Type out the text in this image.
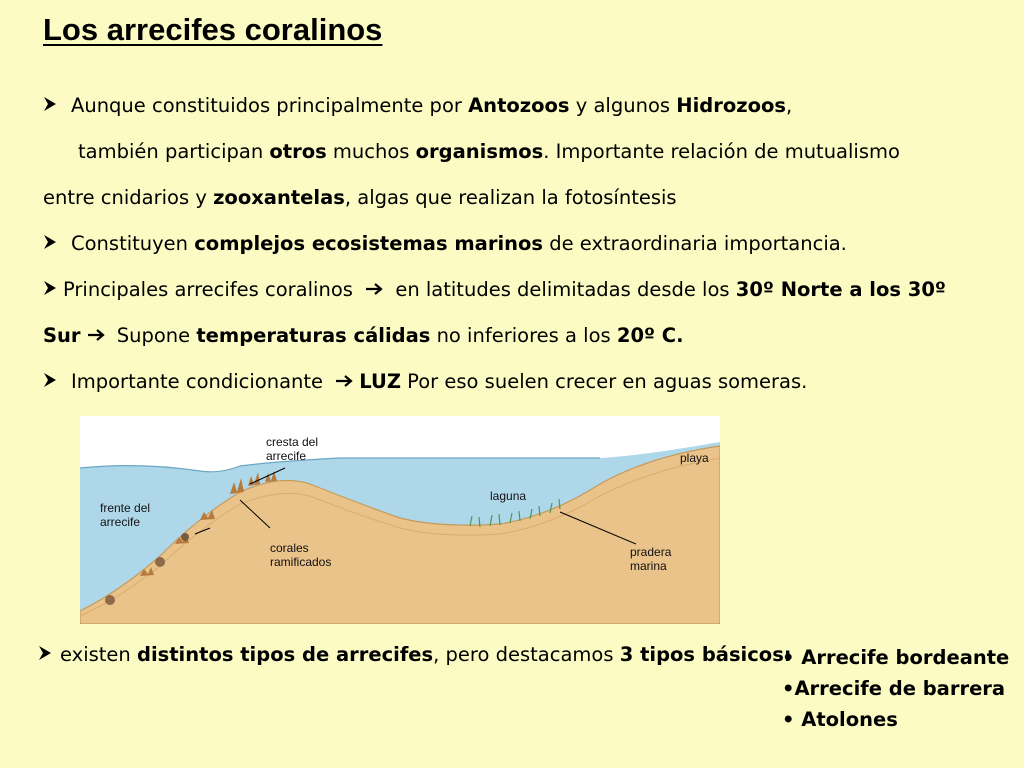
Los arrecifes coralinos
Aunque constituidos principalmente por Antozoos y algunos Hidrozoos,
también participan otros muchos organismos. Importante relación de mutualismo
entre cnidarios y zooxantelas, algas que realizan la fotosíntesis
Constituyen complejos ecosistemas marinos de extraordinaria importancia.
Principales arrecifes coralinos  en latitudes delimitadas desde los 30º Norte a los 30º
Sur Supone temperaturas cálidas no inferiores a los 20º C.
Importante condicionante LUZ Por eso suelen crecer en aguas someras.
cresta del arrecife	playa
laguna
frente del arrecife
corales ramificados
pradera marina
existen distintos tipos de arrecifes, pero destacamos 3 tipos básicos:
• Arrecife bordeante
•Arrecife de barrera
• Atolones
